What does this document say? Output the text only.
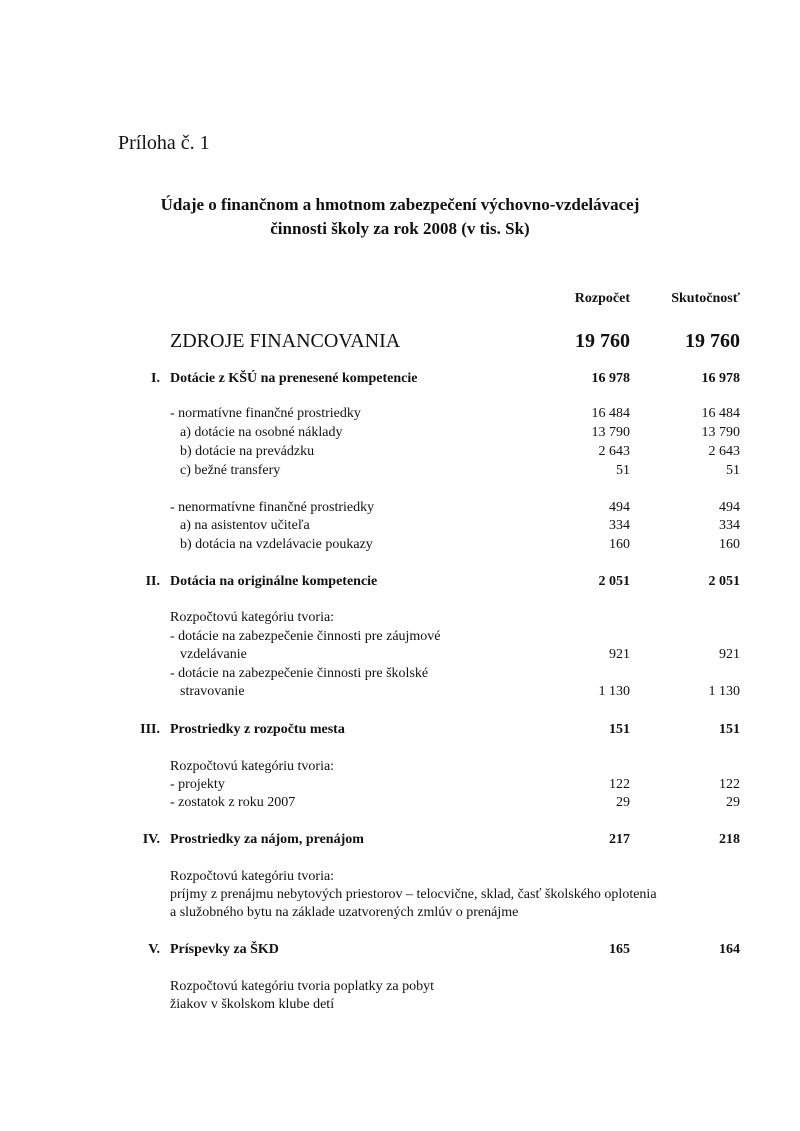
Príloha č. 1
Údaje o finančnom a hmotnom zabezpečení výchovno-vzdelávacej
činnosti školy za rok 2008 (v tis. Sk)
Rozpočet	Skutočnosť
ZDROJE FINANCOVANIA	19 760	19 760
I. Dotácie z KŠÚ na prenesené kompetencie	16 978	16 978
- normatívne finančné prostriedky	16 484	16 484
a) dotácie na osobné náklady	13 790	13 790
b) dotácie na prevádzku	2 643	2 643
c) bežné transfery	51	51
- nenormatívne finančné prostriedky	494	494
a) na asistentov učiteľa	334	334
b) dotácia na vzdelávacie poukazy	160	160
II. Dotácia na originálne kompetencie	2 051	2 051
Rozpočtovú kategóriu tvoria:
- dotácie na zabezpečenie činnosti pre záujmové
vzdelávanie	921	921
- dotácie na zabezpečenie činnosti pre školské
stravovanie	1 130	1 130
III. Prostriedky z rozpočtu mesta	151	151
Rozpočtovú kategóriu tvoria:
- projekty	122	122
- zostatok z roku 2007	29	29
IV. Prostriedky za nájom, prenájom	217	218
Rozpočtovú kategóriu tvoria:
príjmy z prenájmu nebytových priestorov – telocvične, sklad, časť školského oplotenia
a služobného bytu na základe uzatvorených zmlúv o prenájme
V. Príspevky za ŠKD	165	164
Rozpočtovú kategóriu tvoria poplatky za pobyt
žiakov v školskom klube detí
